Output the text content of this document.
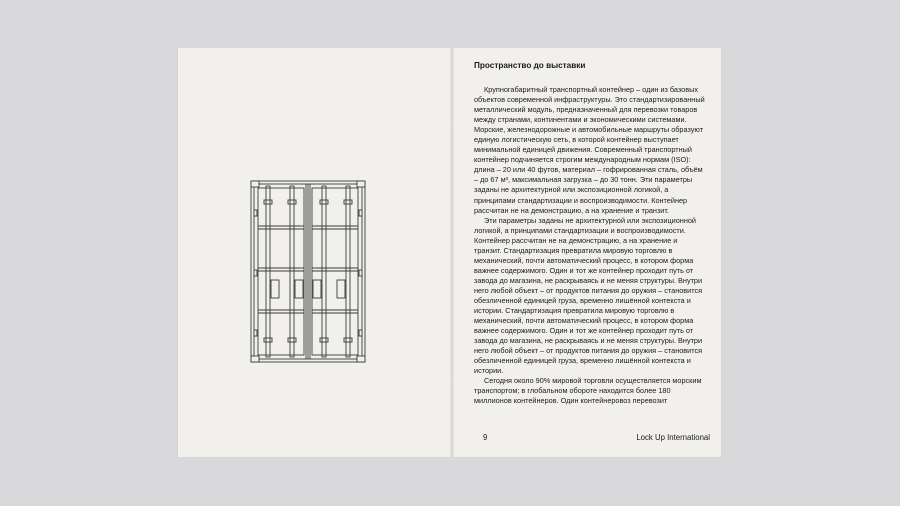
Пространство до выставки

Крупногабаритный транспортный контейнер – один из базовых объектов современной инфраструктуры. Это стандартизированный металлический модуль, предназначенный для перевозки товаров между странами, континентами и экономическими системами. Морские, железнодорожные и автомобильные маршруты образуют единую логистическую сеть, в которой контейнер выступает минимальной единицей движения. Современный транспортный контейнер подчиняется строгим международным нормам (ISO): длина – 20 или 40 футов, материал – гофрированная сталь, объём – до 67 м³, максимальная загрузка – до 30 тонн. Эти параметры заданы не архитектурной или экспозиционной логикой, а принципами стандартизации и воспроизводимости. Контейнер рассчитан не на демонстрацию, а на хранение и транзит.

Эти параметры заданы не архитектурной или экспозиционной логикой, а принципами стандартизации и воспроизводимости. Контейнер рассчитан не на демонстрацию, а на хранение и транзит. Стандартизация превратила мировую торговлю в механический, почти автоматический процесс, в котором форма важнее содержимого. Один и тот же контейнер проходит путь от завода до магазина, не раскрываясь и не меняя структуры. Внутри него любой объект – от продуктов питания до оружия – становится обезличенной единицей груза, временно лишённой контекста и истории. Стандартизация превратила мировую торговлю в механический, почти автоматический процесс, в котором форма важнее содержимого. Один и тот же контейнер проходит путь от завода до магазина, не раскрываясь и не меняя структуры. Внутри него любой объект – от продуктов питания до оружия – становится обезличенной единицей груза, временно лишённой контекста и истории.

Сегодня около 90% мировой торговли осуществляется морским транспортом; в глобальном обороте находится более 180 миллионов контейнеров. Один контейнеровоз перевозит

9	Lock Up International
